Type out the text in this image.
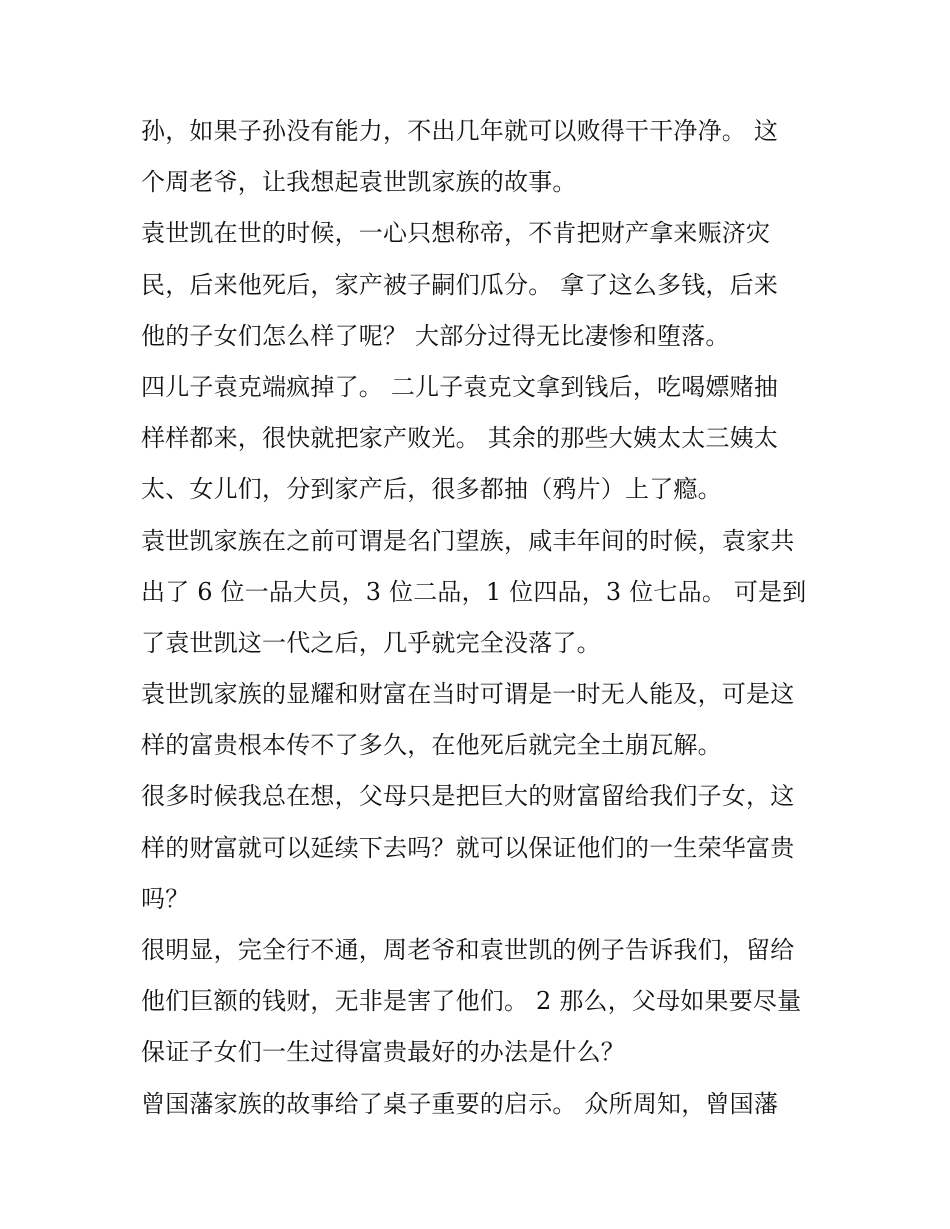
孙，如果子孙没有能力，不出几年就可以败得干干净净。 这
个周老爷，让我想起袁世凯家族的故事。
袁世凯在世的时候，一心只想称帝，不肯把财产拿来赈济灾
民，后来他死后，家产被子嗣们瓜分。 拿了这么多钱，后来
他的子女们怎么样了呢？ 大部分过得无比凄惨和堕落。
四儿子袁克端疯掉了。 二儿子袁克文拿到钱后，吃喝嫖赌抽
样样都来，很快就把家产败光。 其余的那些大姨太太三姨太
太、女儿们，分到家产后，很多都抽（鸦片）上了瘾。
袁世凯家族在之前可谓是名门望族，咸丰年间的时候，袁家共
出了 6 位一品大员，3 位二品，1 位四品，3 位七品。 可是到
了袁世凯这一代之后，几乎就完全没落了。
袁世凯家族的显耀和财富在当时可谓是一时无人能及，可是这
样的富贵根本传不了多久，在他死后就完全土崩瓦解。
很多时候我总在想，父母只是把巨大的财富留给我们子女，这
样的财富就可以延续下去吗？就可以保证他们的一生荣华富贵
吗？
很明显，完全行不通，周老爷和袁世凯的例子告诉我们，留给
他们巨额的钱财，无非是害了他们。 2 那么，父母如果要尽量
保证子女们一生过得富贵最好的办法是什么？
曾国藩家族的故事给了桌子重要的启示。 众所周知，曾国藩
